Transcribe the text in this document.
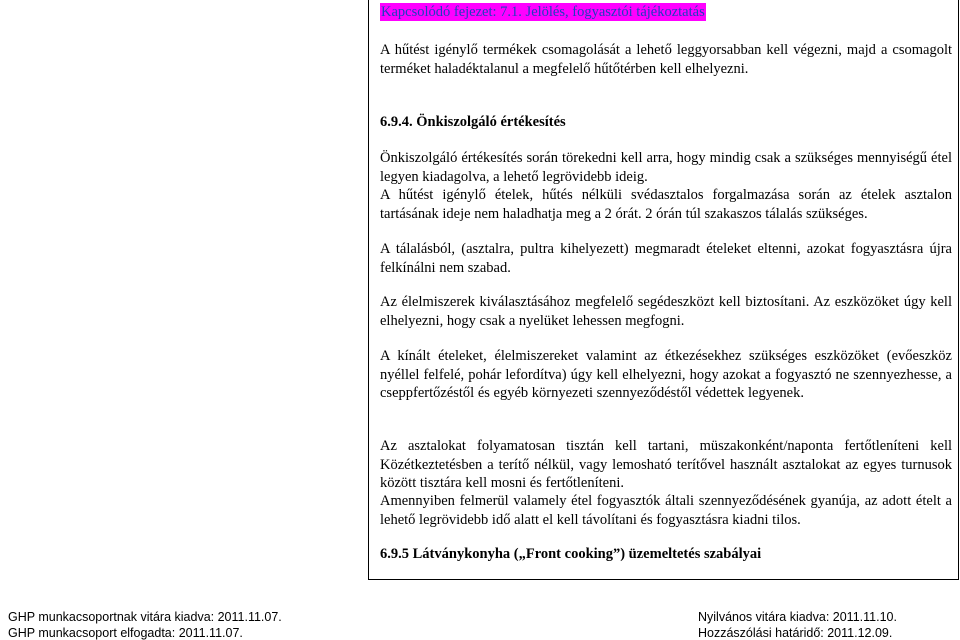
Kapcsolódó fejezet: 7.1. Jelölés, fogyasztói tájékoztatás
A hűtést igénylő termékek csomagolását a lehető leggyorsabban kell végezni, majd a csomagolt terméket haladéktalanul a megfelelő hűtőtérben kell elhelyezni.
6.9.4. Önkiszolgáló értékesítés
Önkiszolgáló értékesítés során törekedni kell arra, hogy mindig csak a szükséges mennyiségű étel legyen kiadagolva, a lehető legrövidebb ideig.
A hűtést igénylő ételek, hűtés nélküli svédasztalos forgalmazása során az ételek asztalon tartásának ideje nem haladhatja meg a 2 órát. 2 órán túl szakaszos tálalás szükséges.
A tálalásból, (asztalra, pultra kihelyezett) megmaradt ételeket eltenni, azokat fogyasztásra újra felkínálni nem szabad.
Az élelmiszerek kiválasztásához megfelelő segédeszközt kell biztosítani. Az eszközöket úgy kell elhelyezni, hogy csak a nyelüket lehessen megfogni.
A kínált ételeket, élelmiszereket valamint az étkezésekhez szükséges eszközöket (evőeszköz nyéllel felfelé, pohár lefordítva) úgy kell elhelyezni, hogy azokat a fogyasztó ne szennyezhesse, a cseppfertőzéstől és egyéb környezeti szennyeződéstől védettek legyenek.
Az asztalokat folyamatosan tisztán kell tartani, müszakonként/naponta fertőtleníteni kell Közétkeztetésben a terítő nélkül, vagy lemosható terítővel használt asztalokat az egyes turnusok között tisztára kell mosni és fertőtleníteni.
Amennyiben felmerül valamely étel fogyasztók általi szennyeződésének gyanúja, az adott ételt a lehető legrövidebb idő alatt el kell távolítani és fogyasztásra kiadni tilos.
6.9.5 Látványkonyha („Front cooking”) üzemeltetés szabályai
GHP munkacsoportnak vitára kiadva: 2011.11.07.
GHP munkacsoport elfogadta: 2011.11.07.
Nyilvános vitára kiadva: 2011.11.10.
Hozzászólási határidő: 2011.12.09.
